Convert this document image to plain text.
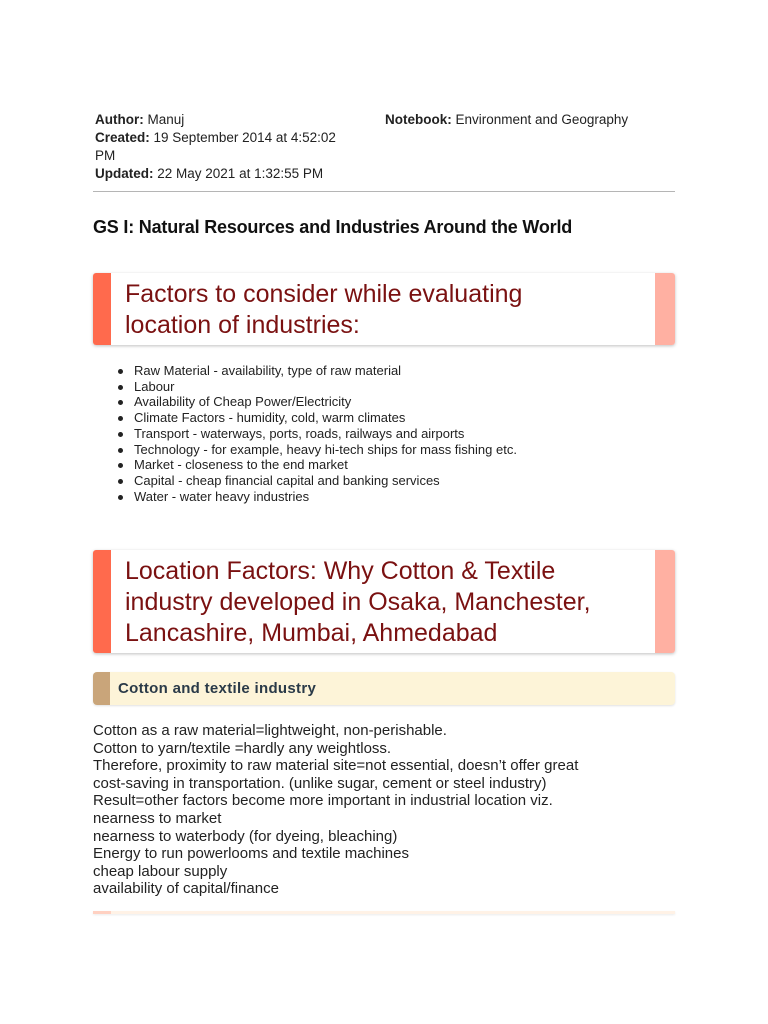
Author: Manuj

Created: 19 September 2014 at 4:52:02
PM

Updated: 22 May 2021 at 1:32:55 PM

Notebook: Environment and Geography

GS I: Natural Resources and Industries Around the World
Factors to consider while evaluating
location of industries:
Raw Material - availability, type of raw material
Labour
Availability of Cheap Power/Electricity
Climate Factors - humidity, cold, warm climates
Transport - waterways, ports, roads, railways and airports
Technology - for example, heavy hi-tech ships for mass fishing etc.
Market - closeness to the end market
Capital - cheap financial capital and banking services
Water - water heavy industries
Location Factors: Why Cotton & Textile
industry developed in Osaka, Manchester,
Lancashire, Mumbai, Ahmedabad
Cotton and textile industry

Cotton as a raw material=lightweight, non-perishable.

Cotton to yarn/textile =hardly any weightloss.

Therefore, proximity to raw material site=not essential, doesn’t offer great

cost-saving in transportation. (unlike sugar, cement or steel industry)

Result=other factors become more important in industrial location viz.

nearness to market

nearness to waterbody (for dyeing, bleaching)

Energy to run powerlooms and textile machines

cheap labour supply

availability of capital/finance
